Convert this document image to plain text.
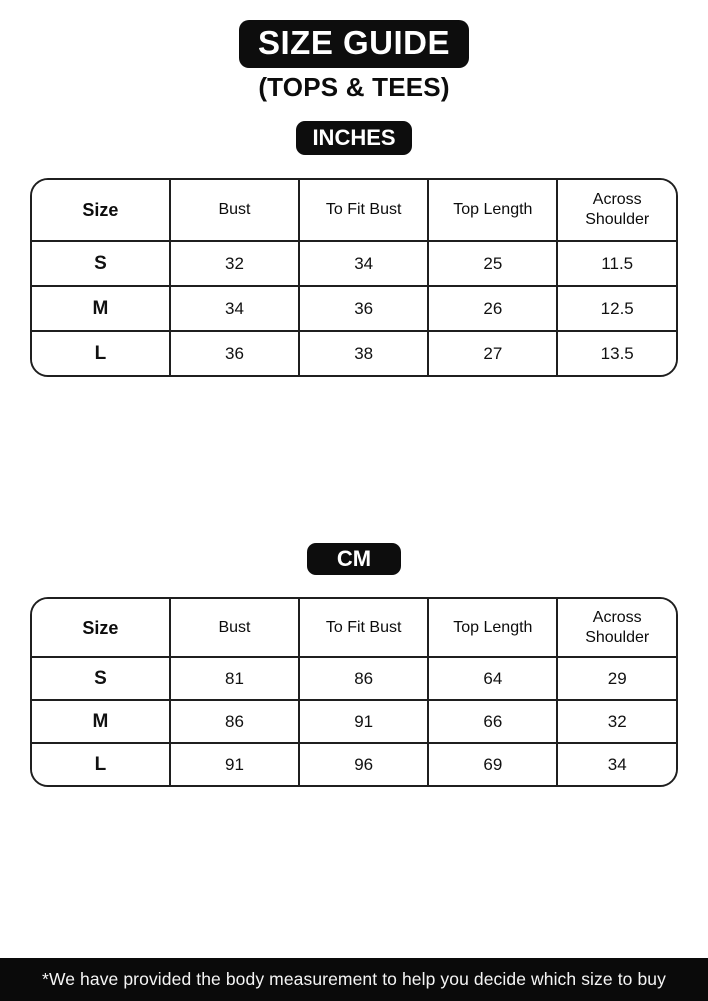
SIZE GUIDE
(TOPS & TEES)
INCHES
Size	Bust	To Fit Bust	Top Length	Across Shoulder
S	32	34	25	11.5
M	34	36	26	12.5
L	36	38	27	13.5
CM
Size	Bust	To Fit Bust	Top Length	Across Shoulder
S	81	86	64	29
M	86	91	66	32
L	91	96	69	34
*We have provided the body measurement to help you decide which size to buy
